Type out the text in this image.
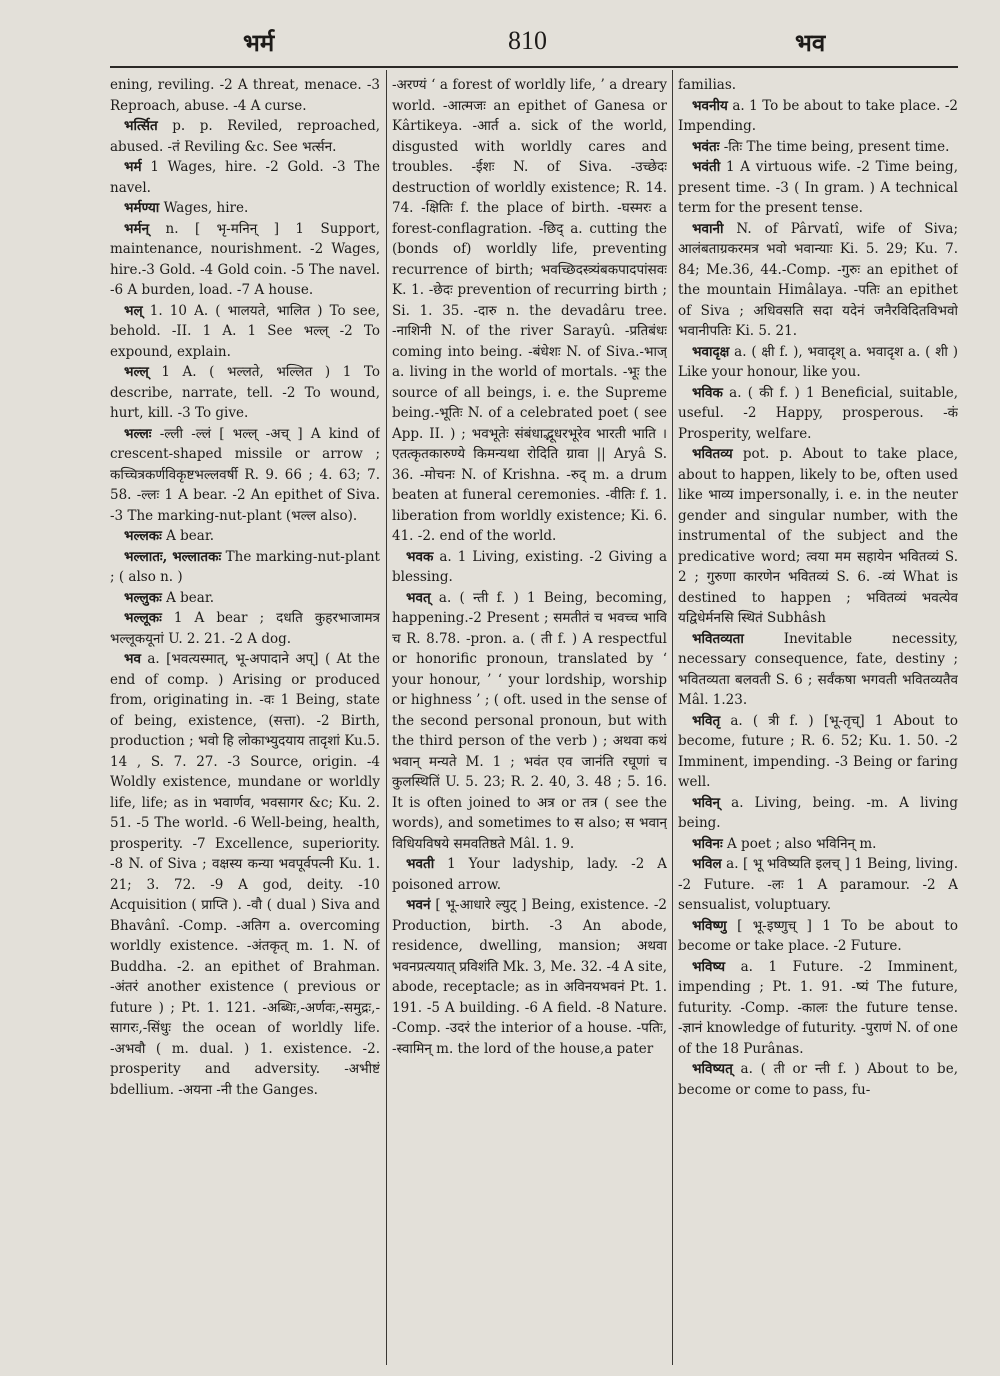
भर्म	810	भव

ening, reviling. -2 A threat, menace. -3 Reproach, abuse. -4 A curse.

भर्त्सित p. p. Reviled, reproached, abused. -तं Reviling &c. See भर्त्सन.

भर्म 1 Wages, hire. -2 Gold. -3 The navel.

भर्मण्या Wages, hire.

भर्मन् n. [ भृ-मनिन् ] 1 Support, maintenance, nourishment. -2 Wages, hire.-3 Gold. -4 Gold coin. -5 The navel. -6 A burden, load. -7 A house.

भल् 1. 10 A. ( भालयते, भालित ) To see, behold. -II. 1 A. 1 See भल्ल् -2 To expound, explain.

भल्ल् 1 A. ( भल्लते, भल्लित ) 1 To describe, narrate, tell. -2 To wound, hurt, kill. -3 To give.

भल्लः -ल्ली -ल्लं [ भल्ल् -अच् ] A kind of crescent-shaped missile or arrow ; कच्चित्रकर्णविकृष्टभल्लवर्षी R. 9. 66 ; 4. 63; 7. 58. -ल्लः 1 A bear. -2 An epithet of Siva. -3 The marking-nut-plant (भल्ल also).

भल्लकः A bear.

भल्लातः, भल्लातकः The marking-nut-plant ; ( also n. )

भल्लुकः A bear.

भल्लूकः 1 A bear ; दधति कुहरभाजामत्र भल्लूकयूनां U. 2. 21. -2 A dog.

भव a. [भवत्यस्मात्, भू-अपादाने अप्] ( At the end of comp. ) Arising or produced from, originating in. -वः 1 Being, state of being, existence, (सत्ता). -2 Birth, production ; भवो हि लोकाभ्युदयाय तादृशां Ku.5. 14 , S. 7. 27. -3 Source, origin. -4 Woldly existence, mundane or worldly life, life; as in भवार्णव, भवसागर &c; Ku. 2. 51. -5 The world. -6 Well-being, health, prosperity. -7 Excellence, superiority. -8 N. of Siva ; वक्षस्य कन्या भवपूर्वपत्नी Ku. 1. 21; 3. 72. -9 A god, deity. -10 Acquisition ( प्राप्ति ). -वौ ( dual ) Siva and Bhavânî. -Comp. -अतिग a. overcoming worldly existence. -अंतकृत् m. 1. N. of Buddha. -2. an epithet of Brahman. -अंतरं another existence ( previous or future ) ; Pt. 1. 121. -अब्धिः,-अर्णवः,-समुद्रः,-सागरः,-सिंधुः the ocean of worldly life. -अभवौ ( m. dual. ) 1. existence. -2. prosperity and adversity. -अभीष्टं bdellium. -अयना -नी the Ganges.

-अरण्यं ‘ a forest of worldly life, ’ a dreary world. -आत्मजः an epithet of Ganesa or Kârtikeya. -आर्त a. sick of the world, disgusted with worldly cares and troubles. -ईशः N. of Siva. -उच्छेदः destruction of worldly existence; R. 14. 74. -क्षितिः f. the place of birth. -घस्मरः a forest-conflagration. -छिद् a. cutting the (bonds of) worldly life, preventing recurrence of birth; भवच्छिदस्त्र्यंबकपादपांसवः K. 1. -छेदः prevention of recurring birth ; Si. 1. 35. -दारु n. the devadâru tree. -नाशिनी N. of the river Sarayû. -प्रतिबंधः coming into being. -बंधेशः N. of Siva.-भाज् a. living in the world of mortals. -भूः the source of all beings, i. e. the Supreme being.-भूतिः N. of a celebrated poet ( see App. II. ) ; भवभूतेः संबंधाद्भूधरभूरेव भारती भाति । एतत्कृतकारुण्ये किमन्यथा रोदिति ग्रावा || Aryâ S. 36. -मोचनः N. of Krishna. -रुद् m. a drum beaten at funeral ceremonies. -वीतिः f. 1. liberation from worldly existence; Ki. 6. 41. -2. end of the world.

भवक a. 1 Living, existing. -2 Giving a blessing.

भवत् a. ( न्ती f. ) 1 Being, becoming, happening.-2 Present ; समतीतं च भवच्च भावि च R. 8.78. -pron. a. ( ती f. ) A respectful or honorific pronoun, translated by ‘ your honour, ’ ‘ your lordship, worship or highness ’ ; ( oft. used in the sense of the second personal pronoun, but with the third person of the verb ) ; अथवा कथं भवान् मन्यते M. 1 ; भवंत एव जानंति रघूणां च कुलस्थितिं U. 5. 23; R. 2. 40, 3. 48 ; 5. 16. It is often joined to अत्र or तत्र ( see the words), and sometimes to स also; स भवान् विधियविषये समवतिष्ठते Mâl. 1. 9.

भवती 1 Your ladyship, lady. -2 A poisoned arrow.

भवनं [ भू-आधारे ल्युट् ] Being, existence. -2 Production, birth. -3 An abode, residence, dwelling, mansion; अथवा भवनप्रत्ययात् प्रविशंति Mk. 3, Me. 32. -4 A site, abode, receptacle; as in अविनयभवनं Pt. 1. 191. -5 A building. -6 A field. -8 Nature. -Comp. -उदरं the interior of a house. -पतिः, -स्वामिन् m. the lord of the house,a pater

familias.

भवनीय a. 1 To be about to take place. -2 Impending.

भवंतः -तिः The time being, present time.

भवंती 1 A virtuous wife. -2 Time being, present time. -3 ( In gram. ) A technical term for the present tense.

भवानी N. of Pârvatî, wife of Siva; आलंबताग्रकरमत्र भवो भवान्याः Ki. 5. 29; Ku. 7. 84; Me.36, 44.-Comp. -गुरुः an epithet of the mountain Himâlaya. -पतिः an epithet of Siva ; अधिवसति सदा यदेनं जनैरविदितविभवो भवानीपतिः Ki. 5. 21.

भवादृक्ष a. ( क्षी f. ), भवादृश् a. भवादृश a. ( शी ) Like your honour, like you.

भविक a. ( की f. ) 1 Beneficial, suitable, useful. -2 Happy, prosperous. -कं Prosperity, welfare.

भवितव्य pot. p. About to take place, about to happen, likely to be, often used like भाव्य impersonally, i. e. in the neuter gender and singular number, with the instrumental of the subject and the predicative word; त्वया मम सहायेन भवितव्यं S. 2 ; गुरुणा कारणेन भवितव्यं S. 6. -व्यं What is destined to happen ; भवितव्यं भवत्येव यद्विधेर्मनसि स्थितं Subhâsh

भवितव्यता Inevitable necessity, necessary consequence, fate, destiny ; भवितव्यता बलवती S. 6 ; सर्वंकषा भगवती भवितव्यतैव Mâl. 1.23.

भवितृ a. ( त्री f. ) [भू-तृच्] 1 About to become, future ; R. 6. 52; Ku. 1. 50. -2 Imminent, impending. -3 Being or faring well.

भविन् a. Living, being. -m. A living being.

भविनः A poet ; also भविनिन् m.

भविल a. [ भू भविष्यति इलच् ] 1 Being, living. -2 Future. -लः 1 A paramour. -2 A sensualist, voluptuary.

भविष्णु [ भू-इष्णुच् ] 1 To be about to become or take place. -2 Future.

भविष्य a. 1 Future. -2 Imminent, impending ; Pt. 1. 91. -ष्यं The future, futurity. -Comp. -कालः the future tense. -ज्ञानं knowledge of futurity. -पुराणं N. of one of the 18 Purânas.

भविष्यत् a. ( ती or न्ती f. ) About to be, become or come to pass, fu-
